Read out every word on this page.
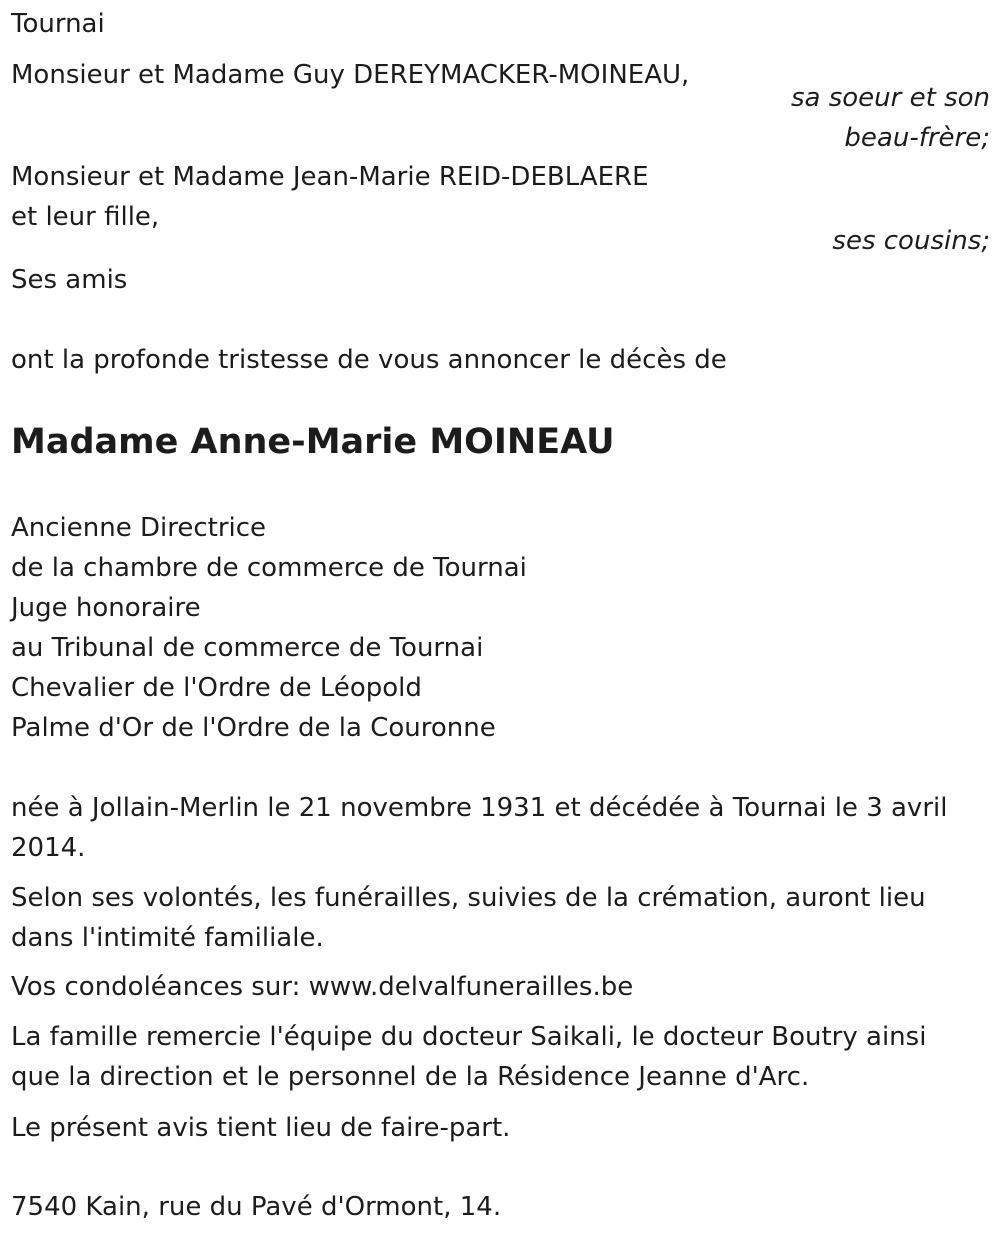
Tournai
Monsieur et Madame Guy DEREYMACKER-MOINEAU,
sa soeur et son
beau-frère;
Monsieur et Madame Jean-Marie REID-DEBLAERE
et leur fille,
ses cousins;
Ses amis
ont la profonde tristesse de vous annoncer le décès de
Madame Anne-Marie MOINEAU
Ancienne Directrice
de la chambre de commerce de Tournai
Juge honoraire
au Tribunal de commerce de Tournai
Chevalier de l'Ordre de Léopold
Palme d'Or de l'Ordre de la Couronne
née à Jollain-Merlin le 21 novembre 1931 et décédée à Tournai le 3 avril 2014.
Selon ses volontés, les funérailles, suivies de la crémation, auront lieu dans l'intimité familiale.
Vos condoléances sur: www.delvalfunerailles.be
La famille remercie l'équipe du docteur Saikali, le docteur Boutry ainsi que la direction et le personnel de la Résidence Jeanne d'Arc.
Le présent avis tient lieu de faire-part.
7540 Kain, rue du Pavé d'Ormont, 14.
